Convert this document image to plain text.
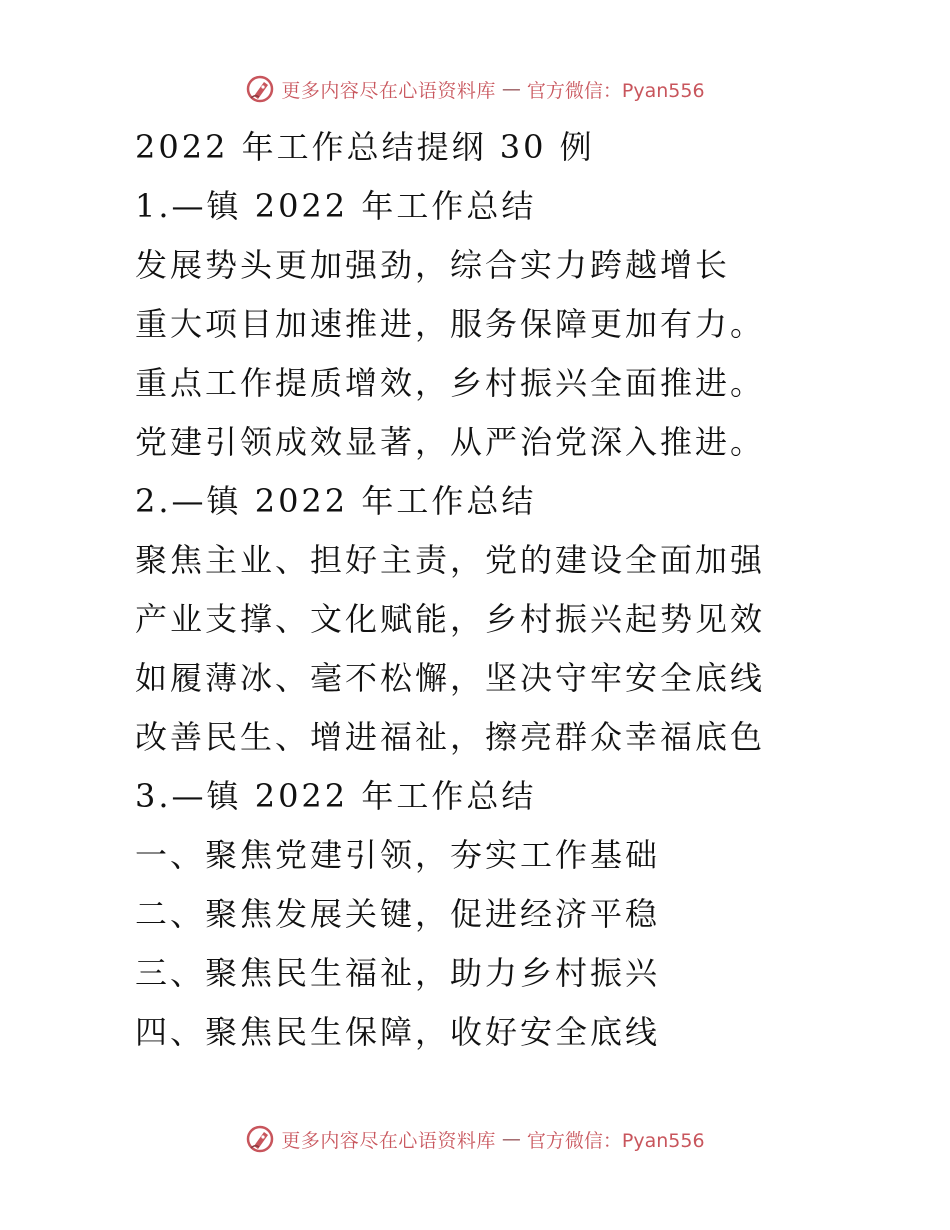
更多内容尽在心语资料库 — 官方微信：Pyan556
2022 年工作总结提纲 30 例
1.—镇 2022 年工作总结
发展势头更加强劲，综合实力跨越增长
重大项目加速推进，服务保障更加有力。
重点工作提质增效，乡村振兴全面推进。
党建引领成效显著，从严治党深入推进。
2.—镇 2022 年工作总结
聚焦主业、担好主责，党的建设全面加强
产业支撑、文化赋能，乡村振兴起势见效
如履薄冰、毫不松懈，坚决守牢安全底线
改善民生、增进福祉，擦亮群众幸福底色
3.—镇 2022 年工作总结
一、聚焦党建引领，夯实工作基础
二、聚焦发展关键，促进经济平稳
三、聚焦民生福祉，助力乡村振兴
四、聚焦民生保障，收好安全底线
更多内容尽在心语资料库 — 官方微信：Pyan556
